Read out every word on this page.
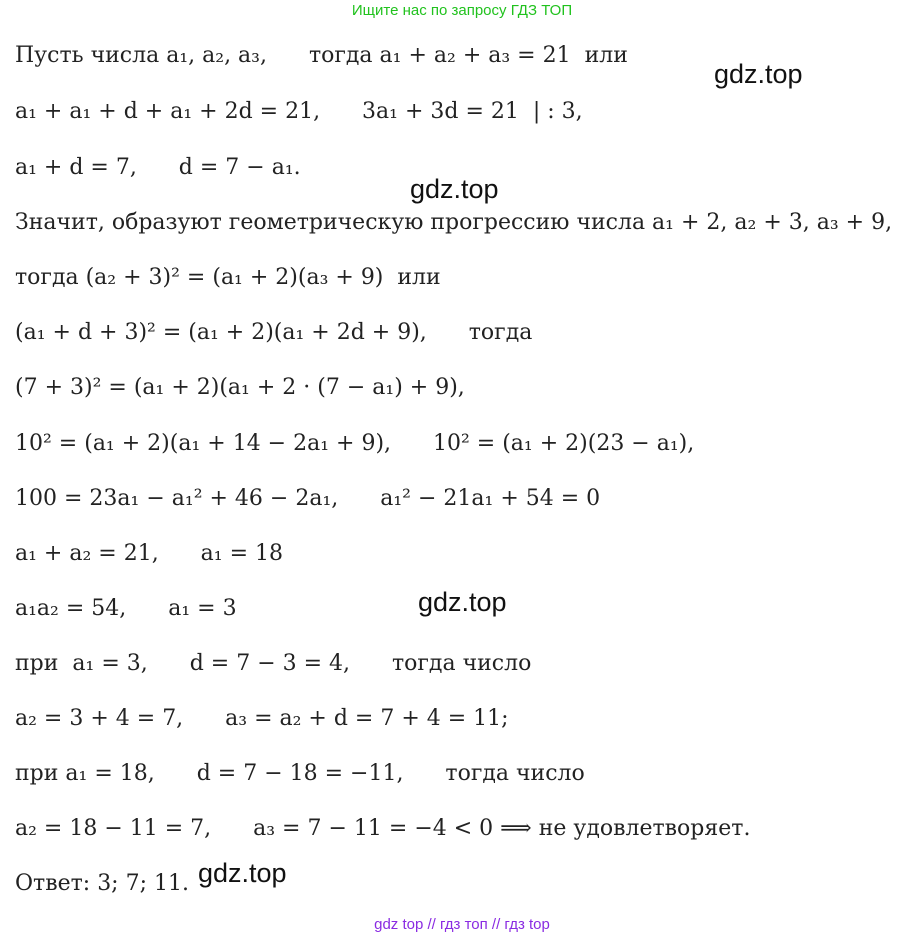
Ищите нас по запросу ГДЗ ТОП
Пусть числа a₁, a₂, a₃,      тогда a₁ + a₂ + a₃ = 21  или
a₁ + a₁ + d + a₁ + 2d = 21,      3a₁ + 3d = 21  | : 3,
a₁ + d = 7,      d = 7 − a₁.
Значит, образуют геометрическую прогрессию числа a₁ + 2, a₂ + 3, a₃ + 9,
тогда (a₂ + 3)² = (a₁ + 2)(a₃ + 9)  или
(a₁ + d + 3)² = (a₁ + 2)(a₁ + 2d + 9),      тогда
(7 + 3)² = (a₁ + 2)(a₁ + 2 · (7 − a₁) + 9),
10² = (a₁ + 2)(a₁ + 14 − 2a₁ + 9),      10² = (a₁ + 2)(23 − a₁),
100 = 23a₁ − a₁² + 46 − 2a₁,      a₁² − 21a₁ + 54 = 0
a₁ + a₂ = 21,      a₁ = 18
a₁a₂ = 54,      a₁ = 3
при  a₁ = 3,      d = 7 − 3 = 4,      тогда число
a₂ = 3 + 4 = 7,      a₃ = a₂ + d = 7 + 4 = 11;
при a₁ = 18,      d = 7 − 18 = −11,      тогда число
a₂ = 18 − 11 = 7,      a₃ = 7 − 11 = −4 < 0 ⟹ не удовлетворяет.
Ответ: 3; 7; 11.
gdz.top
gdz.top
gdz.top
gdz.top
gdz top // гдз топ // гдз top
